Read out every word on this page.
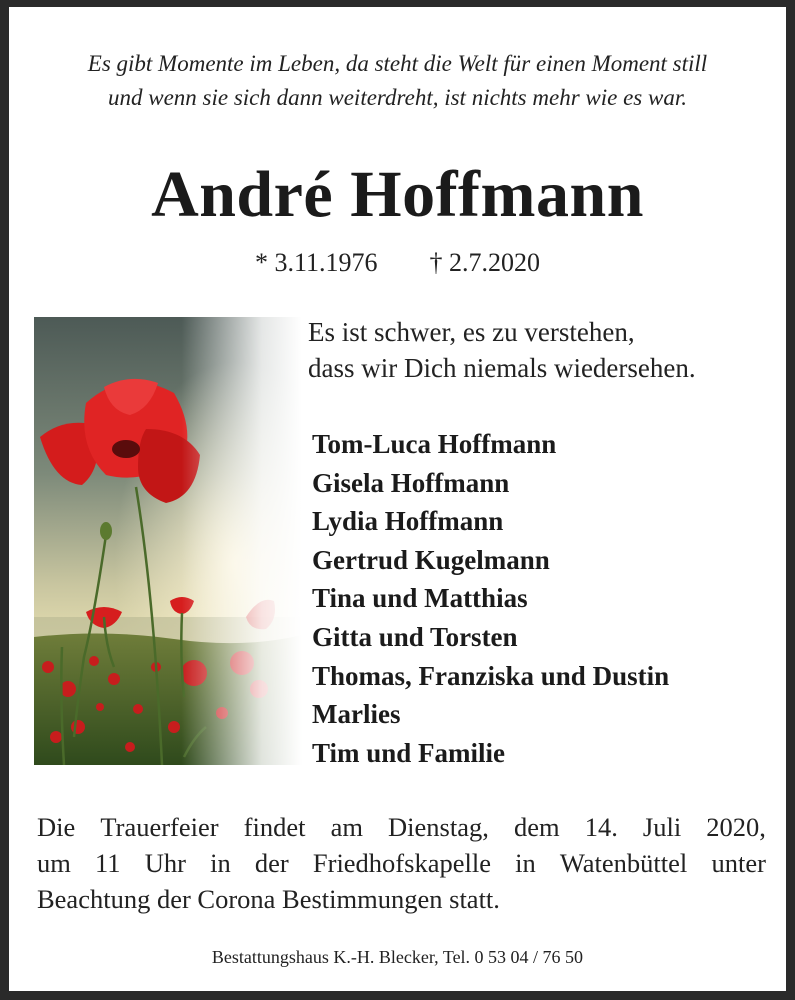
Es gibt Momente im Leben, da steht die Welt für einen Moment still
und wenn sie sich dann weiterdreht, ist nichts mehr wie es war.
André Hoffmann
* 3.11.1976 † 2.7.2020
Es ist schwer, es zu verstehen,
dass wir Dich niemals wiedersehen.
Tom-Luca Hoffmann
Gisela Hoffmann
Lydia Hoffmann
Gertrud Kugelmann
Tina und Matthias
Gitta und Torsten
Thomas, Franziska und Dustin
Marlies
Tim und Familie
Die Trauerfeier findet am Dienstag, dem 14. Juli 2020,
um 11 Uhr in der Friedhofskapelle in Watenbüttel unter
Beachtung der Corona Bestimmungen statt.
Bestattungshaus K.-H. Blecker, Tel. 0 53 04 / 76 50
